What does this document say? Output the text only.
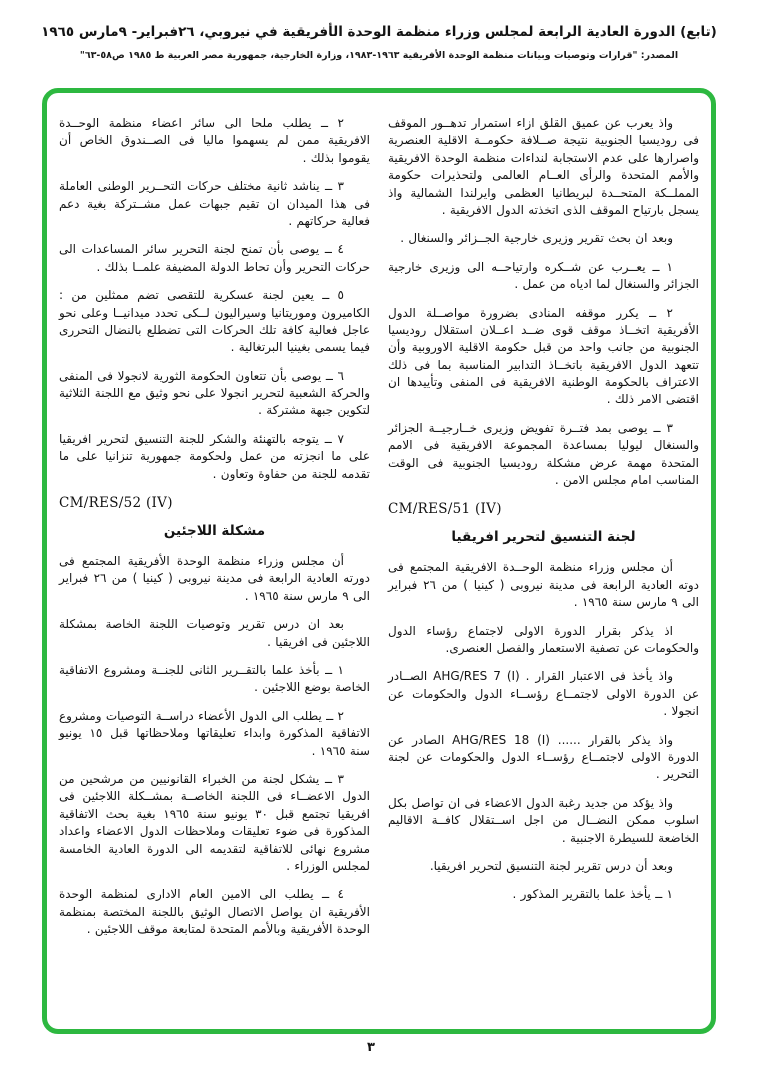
(تابع) الدورة العادية الرابعة لمجلس وزراء منظمة الوحدة الأفريقية في نيروبي، ٢٦فبراير- ٩مارس ١٩٦٥
المصدر: "قرارات وتوصيات وبيانات منظمة الوحدة الأفريقية ١٩٦٣-١٩٨٣، وزارة الخارجية، جمهورية مصر العربية ط ١٩٨٥ ص٥٨-٦٣"

واذ يعرب عن عميق القلق ازاء استمرار تدهــور الموقف فى روديسيا الجنوبية نتيجة صــلافة حكومــة الاقلية العنصرية واصرارها على عدم الاستجابة لنداءات منظمة الوحدة الافريقية والأمم المتحدة والرأى العــام العالمى ولتحذيرات حكومة المملــكة المتحــدة لبريطانيا العظمى وايرلندا الشمالية واذ يسجل بارتياح الموقف الذى اتخذته الدول الافريقية .

وبعد ان بحث تقرير وزيرى خارجية الجــزائر والسنغال .

١ ــ يعــرب عن شــكره وارتياحــه الى وزيرى خارجية الجزائر والسنغال لما ادياه من عمل .

٢ ــ يكرر موقفه المنادى بضرورة مواصــلة الدول الأفريقية اتخــاذ موقف قوى ضــد اعــلان استقلال روديسيا الجنوبية من جانب واحد من قبل حكومة الاقلية الاوروبية وأن تتعهد الدول الافريقية باتخــاذ التدابير المناسبة بما فى ذلك الاعتراف بالحكومة الوطنية الافريقية فى المنفى وتأييدها ان اقتضى الامر ذلك .

٣ ــ يوصى بمد فتــرة تفويض وزيرى خــارجيــة الجزائر والسنغال ليوليا بمساعدة المجموعة الافريقية فى الامم المتحدة مهمة عرض مشكلة روديسيا الجنوبية فى الوقت المناسب امام مجلس الامن .

CM/RES/51 (IV)
لجنة التنسيق لتحرير افريقيا

أن مجلس وزراء منظمة الوحــدة الافريقية المجتمع فى دوته العادية الرابعة فى مدينة نيروبى ( كينيا ) من ٢٦ فبراير الى ٩ مارس سنة ١٩٦٥ .

اذ يذكر بقرار الدورة الاولى لاجتماع رؤساء الدول والحكومات عن تصفية الاستعمار والفصل العنصرى.

واذ يأخذ فى الاعتبار القرار . ‎AHG/RES 7 (I)‎ الصــادر عن الدورة الاولى لاجتمــاع رؤســاء الدول والحكومات عن انجولا .

واذ يذكر بالقرار ...... ‎AHG/RES 18 (I)‎ الصادر عن الدورة الاولى لاجتمــاع رؤســاء الدول والحكومات عن لجنة التحرير .

واذ يؤكد من جديد رغبة الدول الاعضاء فى ان تواصل بكل اسلوب ممكن النضــال من اجل اســتقلال كافــة الاقاليم الخاضعة للسيطرة الاجنبية .

وبعد أن درس تقرير لجنة التنسيق لتحرير افريقيا.

١ ــ يأخذ علما بالتقرير المذكور .

٢ ــ يطلب ملحا الى سائر اعضاء منظمة الوحــدة الافريقية ممن لم يسهموا ماليا فى الصــندوق الخاص أن يقوموا بذلك .

٣ ــ يناشد ثانية مختلف حركات التحــرير الوطنى العاملة فى هذا الميدان ان تقيم جبهات عمل مشــتركة بغية دعم فعالية حركاتهم .

٤ ــ يوصى بأن تمنح لجنة التحرير سائر المساعدات الى حركات التحرير وأن تحاط الدولة المضيفة علمــا بذلك .

٥ ــ يعين لجنة عسكرية للتقصى تضم ممثلين من : الكاميرون وموريتانيا وسيراليون لــكى تحدد ميدانيــا وعلى نحو عاجل فعالية كافة تلك الحركات التى تضطلع بالنضال التحررى فيما يسمى بغينيا البرتغالية .

٦ ــ يوصى بأن تتعاون الحكومة الثورية لانجولا فى المنفى والحركة الشعبية لتحرير انجولا على نحو وثيق مع اللجنة الثلاثية لتكوين جبهة مشتركة .

٧ ــ يتوجه بالتهنئة والشكر للجنة التنسيق لتحرير افريقيا على ما انجزته من عمل ولحكومة جمهورية تنزانيا على ما تقدمه للجنة من حفاوة وتعاون .

CM/RES/52 (IV)
مشكلة اللاجئين

أن مجلس وزراء منظمة الوحدة الأفريقية المجتمع فى دورته العادية الرابعة فى مدينة نيروبى ( كينيا ) من ٢٦ فبراير الى ٩ مارس سنة ١٩٦٥ .

بعد ان درس تقرير وتوصيات اللجنة الخاصة بمشكلة اللاجئين فى افريقيا .

١ ــ بأخذ علما بالتقــرير الثانى للجنــة ومشروع الاتفاقية الخاصة بوضع اللاجئين .

٢ ــ يطلب الى الدول الأعضاء دراســة التوصيات ومشروع الاتفاقية المذكورة وابداء تعليقاتها وملاحظاتها قبل ١٥ يونيو سنة ١٩٦٥ .

٣ ــ يشكل لجنة من الخبراء القانونيين من مرشحين من الدول الاعضــاء فى اللجنة الخاصــة بمشــكلة اللاجئين فى افريقيا تجتمع قبل ٣٠ يونيو سنة ١٩٦٥ بغية بحث الاتفاقية المذكورة فى ضوء تعليقات وملاحظات الدول الاعضاء واعداد مشروع نهائى للاتفاقية لتقديمه الى الدورة العادية الخامسة لمجلس الوزراء .

٤ ــ يطلب الى الامين العام الادارى لمنظمة الوحدة الأفريقية ان يواصل الاتصال الوثيق باللجنة المختصة بمنظمة الوحدة الأفريقية وبالأمم المتحدة لمتابعة موقف اللاجئين .

٣
